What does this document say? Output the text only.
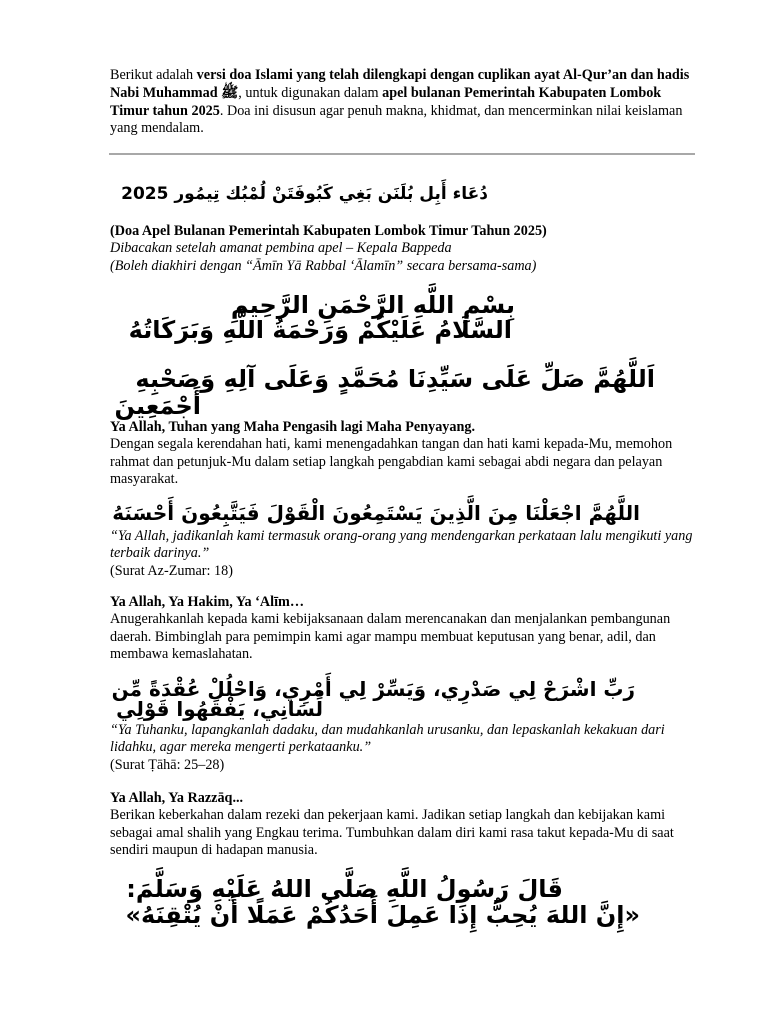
Berikut adalah versi doa Islami yang telah dilengkapi dengan cuplikan ayat Al-Qur’an dan hadis Nabi Muhammad ﷺ, untuk digunakan dalam apel bulanan Pemerintah Kabupaten Lombok Timur tahun 2025. Doa ini disusun agar penuh makna, khidmat, dan mencerminkan nilai keislaman yang mendalam.

دُعَاء أَبِل بُلَنَن بَغِي كَبُوفَتَنْ لُمْبُك تِيمُور 2025

(Doa Apel Bulanan Pemerintah Kabupaten Lombok Timur Tahun 2025)

Dibacakan setelah amanat pembina apel – Kepala Bappeda

(Boleh diakhiri dengan “Āmīn Yā Rabbal ‘Ālamīn” secara bersama-sama)

بِسْمِ اللَّهِ الرَّحْمَنِ الرَّحِيمِ

السَّلَامُ عَلَيْكُمْ وَرَحْمَةُ اللَّهِ وَبَرَكَاتُهُ

اَللَّهُمَّ صَلِّ عَلَى سَيِّدِنَا مُحَمَّدٍ وَعَلَى آلِهِ وَصَحْبِهِ

أَجْمَعِينَ

Ya Allah, Tuhan yang Maha Pengasih lagi Maha Penyayang.

Dengan segala kerendahan hati, kami menengadahkan tangan dan hati kami kepada-Mu, memohon rahmat dan petunjuk-Mu dalam setiap langkah pengabdian kami sebagai abdi negara dan pelayan masyarakat.

اللَّهُمَّ اجْعَلْنَا مِنَ الَّذِينَ يَسْتَمِعُونَ الْقَوْلَ فَيَتَّبِعُونَ أَحْسَنَهُ

“Ya Allah, jadikanlah kami termasuk orang-orang yang mendengarkan perkataan lalu mengikuti yang terbaik darinya.”

(Surat Az-Zumar: 18)

Ya Allah, Ya Hakim, Ya ‘Alīm…

Anugerahkanlah kepada kami kebijaksanaan dalam merencanakan dan menjalankan pembangunan daerah. Bimbinglah para pemimpin kami agar mampu membuat keputusan yang benar, adil, dan membawa kemaslahatan.

رَبِّ اشْرَحْ لِي صَدْرِي، وَيَسِّرْ لِي أَمْرِي، وَاحْلُلْ عُقْدَةً مِّن

لِّسَانِي، يَفْقَهُوا قَوْلِي

“Ya Tuhanku, lapangkanlah dadaku, dan mudahkanlah urusanku, dan lepaskanlah kekakuan dari lidahku, agar mereka mengerti perkataanku.”

(Surat Ṭāhā: 25–28)

Ya Allah, Ya Razzāq...

Berikan keberkahan dalam rezeki dan pekerjaan kami. Jadikan setiap langkah dan kebijakan kami sebagai amal shalih yang Engkau terima. Tumbuhkan dalam diri kami rasa takut kepada-Mu di saat sendiri maupun di hadapan manusia.

قَالَ رَسُولُ اللَّهِ صَلَّى اللهُ عَلَيْهِ وَسَلَّمَ:

«إِنَّ اللهَ يُحِبُّ إِذَا عَمِلَ أَحَدُكُمْ عَمَلًا أَنْ يُتْقِنَهُ»
